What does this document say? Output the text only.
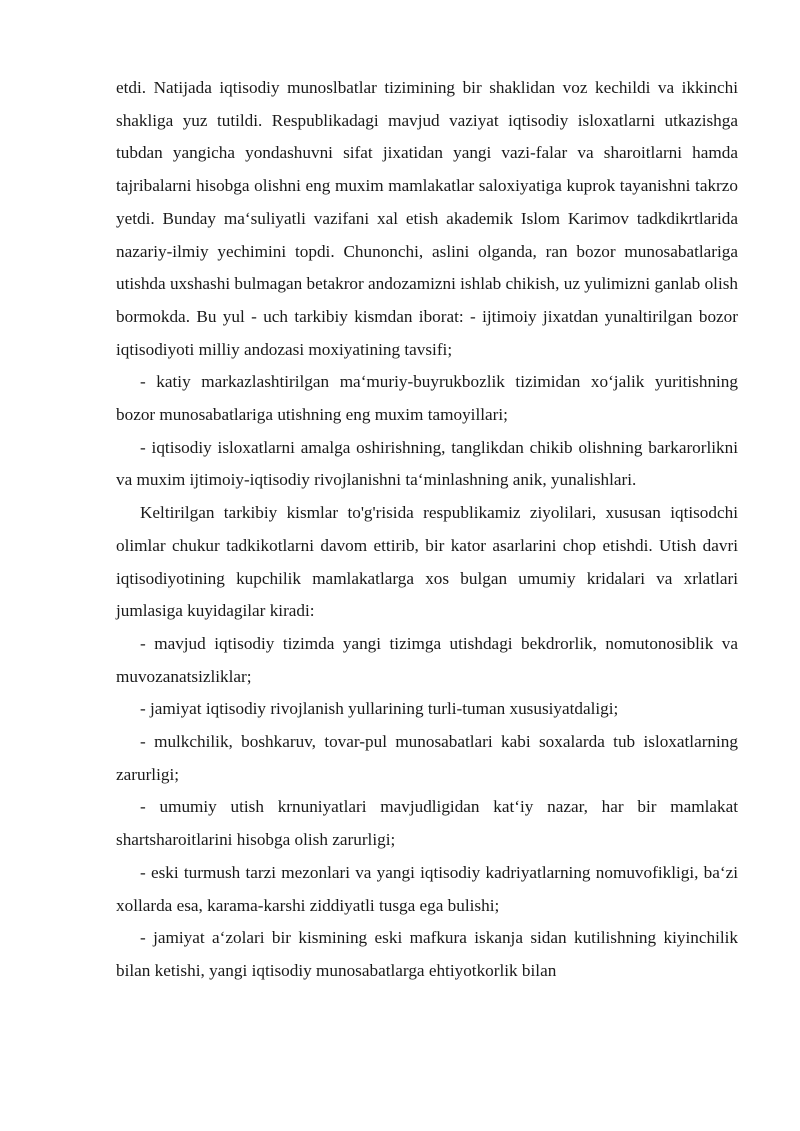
etdi. Natijada iqtisodiy munoslbatlar tizimining bir shaklidan voz kechildi va ikkinchi shakliga yuz tutildi. Respublikadagi mavjud vaziyat iqtisodiy isloxatlarni utkazishga tubdan yangicha yondashuvni sifat jixatidan yangi vazi-falar va sharoitlarni hamda tajribalarni hisobga olishni eng muxim mamlakatlar saloxiyatiga kuprok tayanishni takrzo yetdi. Bunday ma‘suliyatli vazifani xal etish akademik Islom Karimov tadkdikrtlarida nazariy-ilmiy yechimini topdi. Chunonchi, aslini olganda, ran bozor munosabatlariga utishda uxshashi bulmagan betakror andozamizni ishlab chikish, uz yulimizni ganlab olish bormokda. Bu yul - uch tarkibiy kismdan iborat: - ijtimoiy jixatdan yunaltirilgan bozor iqtisodiyoti milliy andozasi moxiyatining tavsifi;

- katiy markazlashtirilgan ma‘muriy-buyrukbozlik tizimidan xo‘jalik yuritishning bozor munosabatlariga utishning eng muxim tamoyillari;

- iqtisodiy isloxatlarni amalga oshirishning, tanglikdan chikib olishning barkarorlikni va muxim ijtimoiy-iqtisodiy rivojlanishni ta‘minlashning anik, yunalishlari.

Keltirilgan tarkibiy kismlar to'g'risida respublikamiz ziyolilari, xususan iqtisodchi olimlar chukur tadkikotlarni davom ettirib, bir kator asarlarini chop etishdi. Utish davri iqtisodiyotining kupchilik mamlakatlarga xos bulgan umumiy kridalari va xrlatlari jumlasiga kuyidagilar kiradi:

- mavjud iqtisodiy tizimda yangi tizimga utishdagi bekdrorlik, nomutonosiblik va muvozanatsizliklar;

- jamiyat iqtisodiy rivojlanish yullarining turli-tuman xususiyatdaligi;

- mulkchilik, boshkaruv, tovar-pul munosabatlari kabi soxalarda tub isloxatlarning zarurligi;

- umumiy utish krnuniyatlari mavjudligidan kat‘iy nazar, har bir mamlakat shartsharoitlarini hisobga olish zarurligi;

- eski turmush tarzi mezonlari va yangi iqtisodiy kadriyatlarning nomuvofikligi, ba‘zi xollarda esa, karama-karshi ziddiyatli tusga ega bulishi;

- jamiyat a‘zolari bir kismining eski mafkura iskanja sidan kutilishning kiyinchilik bilan ketishi, yangi iqtisodiy munosabatlarga ehtiyotkorlik bilan
